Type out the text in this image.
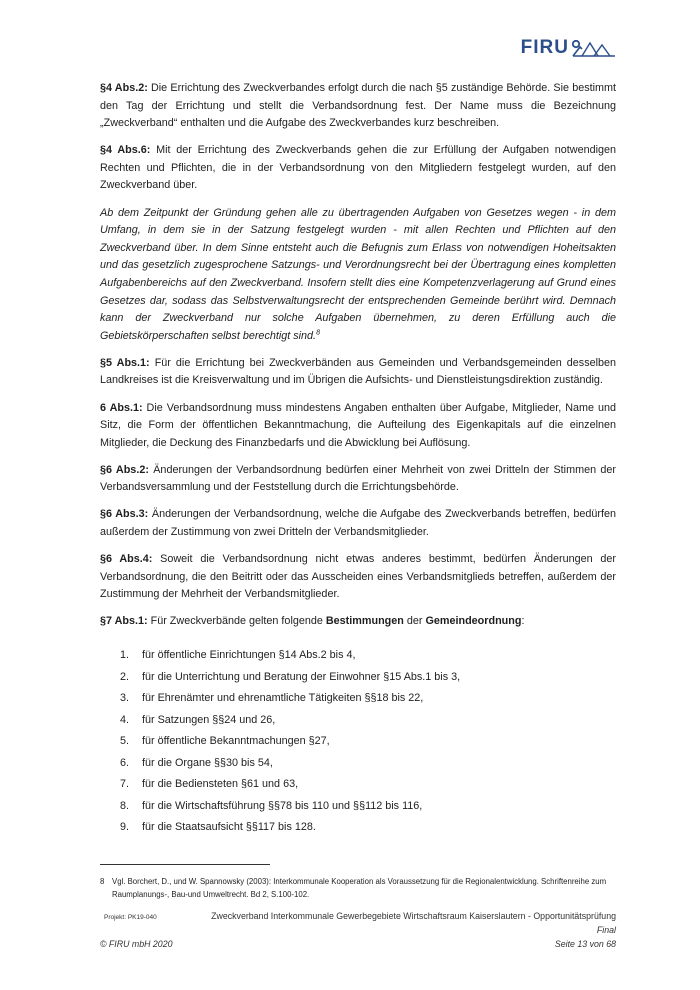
FIRU

§4 Abs.2: Die Errichtung des Zweckverbandes erfolgt durch die nach §5 zuständige Behörde. Sie bestimmt den Tag der Errichtung und stellt die Verbandsordnung fest. Der Name muss die Bezeichnung „Zweckverband“ enthalten und die Aufgabe des Zweckverbandes kurz beschreiben.

§4 Abs.6: Mit der Errichtung des Zweckverbands gehen die zur Erfüllung der Aufgaben notwendigen Rechten und Pflichten, die in der Verbandsordnung von den Mitgliedern festgelegt wurden, auf den Zweckverband über.

Ab dem Zeitpunkt der Gründung gehen alle zu übertragenden Aufgaben von Gesetzes wegen - in dem Umfang, in dem sie in der Satzung festgelegt wurden - mit allen Rechten und Pflichten auf den Zweckverband über. In dem Sinne entsteht auch die Befugnis zum Erlass von notwendigen Hoheitsakten und das gesetzlich zugesprochene Satzungs- und Verordnungsrecht bei der Übertragung eines kompletten Aufgabenbereichs auf den Zweckverband. Insofern stellt dies eine Kompetenzverlagerung auf Grund eines Gesetzes dar, sodass das Selbstverwaltungsrecht der entsprechenden Gemeinde berührt wird. Demnach kann der Zweckverband nur solche Aufgaben übernehmen, zu deren Erfüllung auch die Gebietskörperschaften selbst berechtigt sind.$^8$

§5 Abs.1: Für die Errichtung bei Zweckverbänden aus Gemeinden und Verbandsgemeinden desselben Landkreises ist die Kreisverwaltung und im Übrigen die Aufsichts- und Dienstleistungsdirektion zuständig.

6 Abs.1: Die Verbandsordnung muss mindestens Angaben enthalten über Aufgabe, Mitglieder, Name und Sitz, die Form der öffentlichen Bekanntmachung, die Aufteilung des Eigenkapitals auf die einzelnen Mitglieder, die Deckung des Finanzbedarfs und die Abwicklung bei Auflösung.

§6 Abs.2: Änderungen der Verbandsordnung bedürfen einer Mehrheit von zwei Dritteln der Stimmen der Verbandsversammlung und der Feststellung durch die Errichtungsbehörde.

§6 Abs.3: Änderungen der Verbandsordnung, welche die Aufgabe des Zweckverbands betreffen, bedürfen außerdem der Zustimmung von zwei Dritteln der Verbandsmitglieder.

§6 Abs.4: Soweit die Verbandsordnung nicht etwas anderes bestimmt, bedürfen Änderungen der Verbandsordnung, die den Beitritt oder das Ausscheiden eines Verbandsmitglieds betreffen, außerdem der Zustimmung der Mehrheit der Verbandsmitglieder.

§7 Abs.1: Für Zweckverbände gelten folgende Bestimmungen der Gemeindeordnung:

1.	für öffentliche Einrichtungen §14 Abs.2 bis 4,
2.	für die Unterrichtung und Beratung der Einwohner §15 Abs.1 bis 3,
3.	für Ehrenämter und ehrenamtliche Tätigkeiten §§18 bis 22,
4.	für Satzungen §§24 und 26,
5.	für öffentliche Bekanntmachungen §27,
6.	für die Organe §§30 bis 54,
7.	für die Bediensteten §61 und 63,
8.	für die Wirtschaftsführung §§78 bis 110 und §§112 bis 116,
9.	für die Staatsaufsicht §§117 bis 128.
8 Vgl. Borchert, D., und W. Spannowsky (2003): Interkommunale Kooperation als Voraussetzung für die Regionalentwicklung. Schriftenreihe zum Raumplanungs-, Bau-und Umweltrecht. Bd 2, S.100-102.
Projekt: PK19-040	Zweckverband Interkommunale Gewerbegebiete Wirtschaftsraum Kaiserslautern - Opportunitätsprüfung
Final
© FIRU mbH 2020	Seite 13 von 68
